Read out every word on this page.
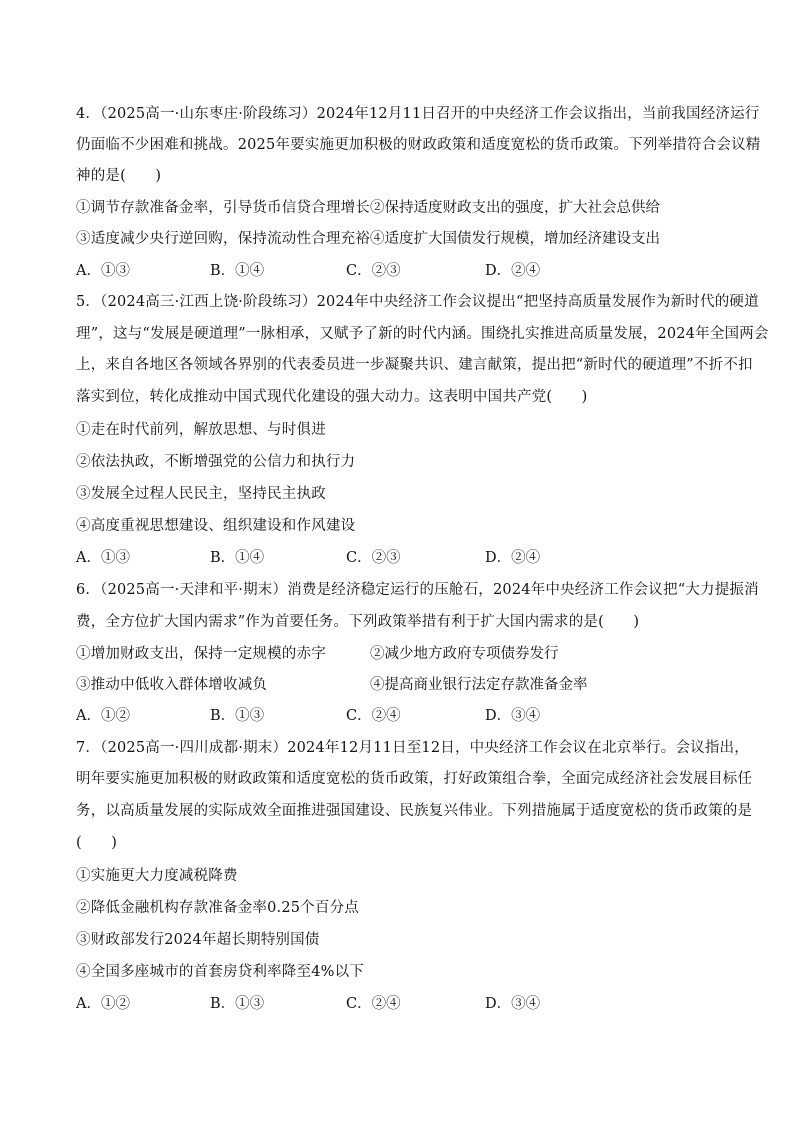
4．（2025高一·山东枣庄·阶段练习）2024年12月11日召开的中央经济工作会议指出，当前我国经济运行
仍面临不少困难和挑战。2025年要实施更加积极的财政政策和适度宽松的货币政策。下列举措符合会议精
神的是(　　)
①调节存款准备金率，引导货币信贷合理增长 ②保持适度财政支出的强度，扩大社会总供给
③适度减少央行逆回购，保持流动性合理充裕 ④适度扩大国债发行规模，增加经济建设支出
A．①③	B．①④	C．②③	D．②④
5．（2024高三·江西上饶·阶段练习）2024年中央经济工作会议提出“把坚持高质量发展作为新时代的硬道
理”，这与“发展是硬道理”一脉相承，又赋予了新的时代内涵。围绕扎实推进高质量发展，2024年全国两会
上，来自各地区各领域各界别的代表委员进一步凝聚共识、建言献策，提出把“新时代的硬道理”不折不扣
落实到位，转化成推动中国式现代化建设的强大动力。这表明中国共产党(　　)
①走在时代前列，解放思想、与时俱进
②依法执政，不断增强党的公信力和执行力
③发展全过程人民民主，坚持民主执政
④高度重视思想建设、组织建设和作风建设
A．①③	B．①④	C．②③	D．②④
6．（2025高一·天津和平·期末）消费是经济稳定运行的压舱石，2024年中央经济工作会议把“大力提振消
费，全方位扩大国内需求”作为首要任务。下列政策举措有利于扩大国内需求的是(　　)
①增加财政支出，保持一定规模的赤字	②减少地方政府专项债券发行
③推动中低收入群体增收减负	④提高商业银行法定存款准备金率
A．①②	B．①③	C．②④	D．③④
7．（2025高一·四川成都·期末）2024年12月11日至12日，中央经济工作会议在北京举行。会议指出，
明年要实施更加积极的财政政策和适度宽松的货币政策，打好政策组合拳，全面完成经济社会发展目标任
务，以高质量发展的实际成效全面推进强国建设、民族复兴伟业。下列措施属于适度宽松的货币政策的是
(　　)
①实施更大力度减税降费
②降低金融机构存款准备金率0.25个百分点
③财政部发行2024年超长期特别国债
④全国多座城市的首套房贷利率降至4%以下
A．①②	B．①③	C．②④	D．③④
